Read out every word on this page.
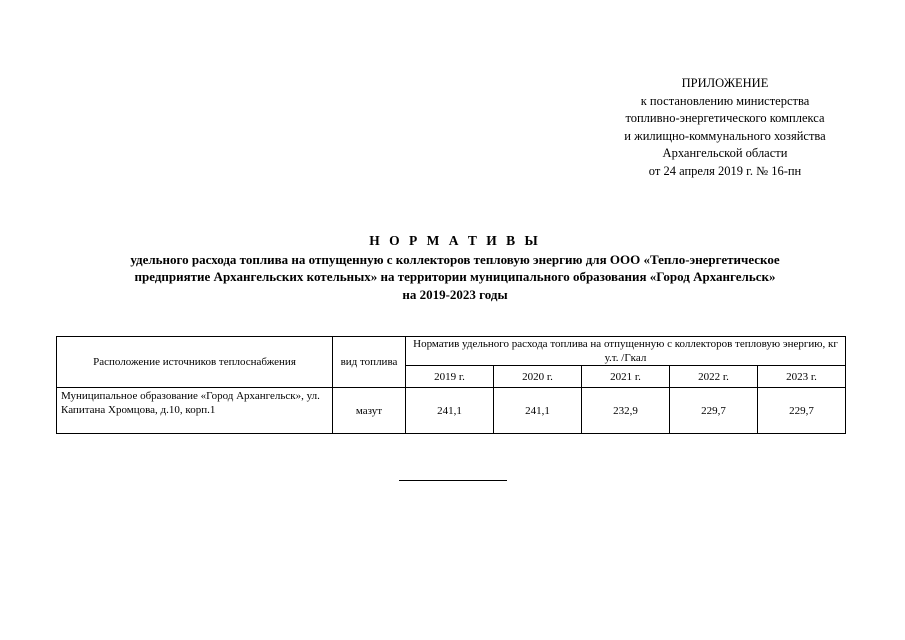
ПРИЛОЖЕНИЕ
к постановлению министерства
топливно-энергетического комплекса
и жилищно-коммунального хозяйства
Архангельской области
от 24 апреля 2019 г. № 16-пн
Н О Р М А Т И В Ы
удельного расхода топлива на отпущенную с коллекторов тепловую энергию для ООО «Тепло-энергетическое
предприятие Архангельских котельных» на территории муниципального образования «Город Архангельск»
на 2019-2023 годы
Расположение источников теплоснабжения	вид топлива	Норматив удельного расхода топлива на отпущенную с коллекторов тепловую энергию, кг у.т. /Гкал				
		2019 г.	2020 г.	2021 г.	2022 г.	2023 г.
Муниципальное образование «Город Архангельск», ул. Капитана Хромцова, д.10, корп.1	мазут	241,1	241,1	232,9	229,7	229,7
